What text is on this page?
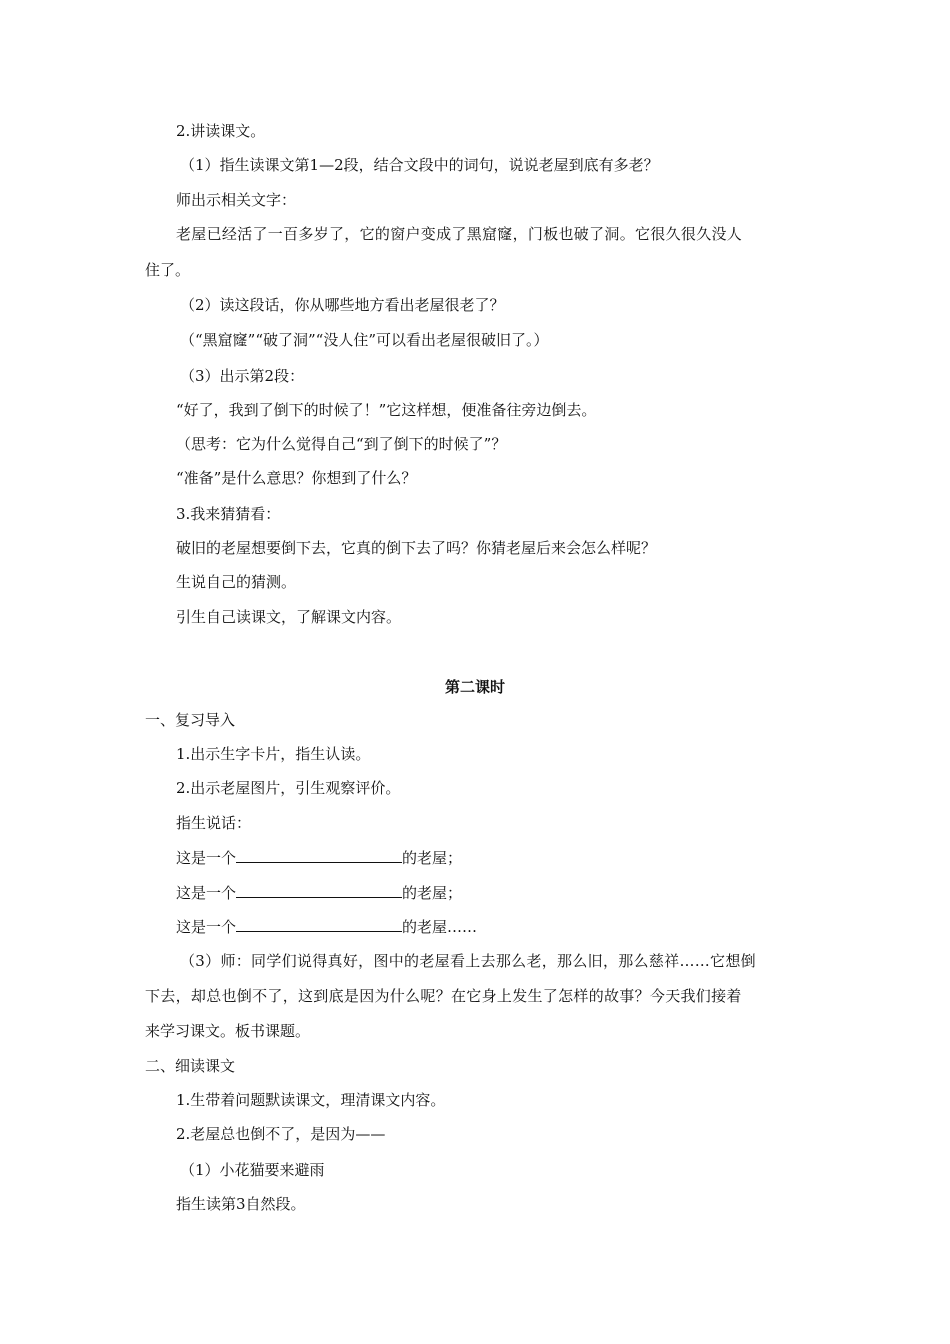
2.讲读课文。
（1）指生读课文第1—2段，结合文段中的词句，说说老屋到底有多老？
师出示相关文字：
老屋已经活了一百多岁了，它的窗户变成了黑窟窿，门板也破了洞。它很久很久没人
住了。
（2）读这段话，你从哪些地方看出老屋很老了？
（“黑窟窿”“破了洞”“没人住”可以看出老屋很破旧了。）
（3）出示第2段：
“好了，我到了倒下的时候了！”它这样想，便准备往旁边倒去。
（思考：它为什么觉得自己“到了倒下的时候了”？
“准备”是什么意思？你想到了什么？
3.我来猜猜看：
破旧的老屋想要倒下去，它真的倒下去了吗？你猜老屋后来会怎么样呢？
生说自己的猜测。
引生自己读课文，了解课文内容。
第二课时
一、复习导入
1.出示生字卡片，指生认读。
2.出示老屋图片，引生观察评价。
指生说话：
这是一个	的老屋；
这是一个	的老屋；
这是一个	的老屋……
（3）师：同学们说得真好，图中的老屋看上去那么老，那么旧，那么慈祥……它想倒
下去，却总也倒不了，这到底是因为什么呢？在它身上发生了怎样的故事？今天我们接着
来学习课文。板书课题。
二、细读课文
1.生带着问题默读课文，理清课文内容。
2.老屋总也倒不了，是因为——
（1）小花猫要来避雨
指生读第3自然段。
